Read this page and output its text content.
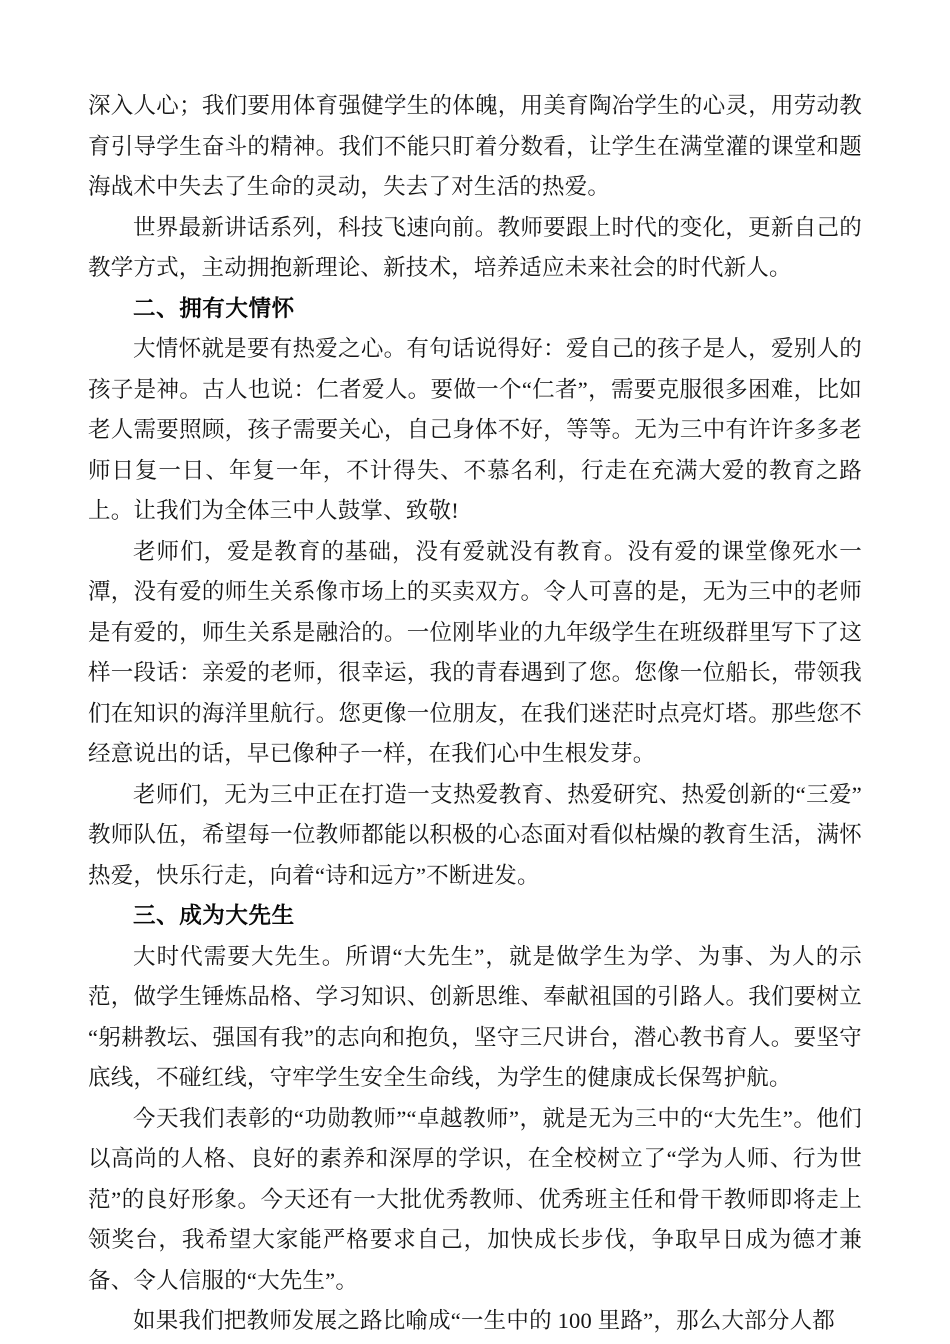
深入人心；我们要用体育强健学生的体魄，用美育陶冶学生的心灵，用劳动教育引导学生奋斗的精神。我们不能只盯着分数看，让学生在满堂灌的课堂和题海战术中失去了生命的灵动，失去了对生活的热爱。

世界最新讲话系列，科技飞速向前。教师要跟上时代的变化，更新自己的教学方式，主动拥抱新理论、新技术，培养适应未来社会的时代新人。

二、拥有大情怀

大情怀就是要有热爱之心。有句话说得好：爱自己的孩子是人，爱别人的孩子是神。古人也说：仁者爱人。要做一个“仁者”，需要克服很多困难，比如老人需要照顾，孩子需要关心，自己身体不好，等等。无为三中有许许多多老师日复一日、年复一年，不计得失、不慕名利，行走在充满大爱的教育之路上。让我们为全体三中人鼓掌、致敬!

老师们，爱是教育的基础，没有爱就没有教育。没有爱的课堂像死水一潭，没有爱的师生关系像市场上的买卖双方。令人可喜的是，无为三中的老师是有爱的，师生关系是融洽的。一位刚毕业的九年级学生在班级群里写下了这样一段话：亲爱的老师，很幸运，我的青春遇到了您。您像一位船长，带领我们在知识的海洋里航行。您更像一位朋友，在我们迷茫时点亮灯塔。那些您不经意说出的话，早已像种子一样，在我们心中生根发芽。

老师们，无为三中正在打造一支热爱教育、热爱研究、热爱创新的“三爱”教师队伍，希望每一位教师都能以积极的心态面对看似枯燥的教育生活，满怀热爱，快乐行走，向着“诗和远方”不断进发。

三、成为大先生

大时代需要大先生。所谓“大先生”，就是做学生为学、为事、为人的示范，做学生锤炼品格、学习知识、创新思维、奉献祖国的引路人。我们要树立“躬耕教坛、强国有我”的志向和抱负，坚守三尺讲台，潜心教书育人。要坚守底线，不碰红线，守牢学生安全生命线，为学生的健康成长保驾护航。

今天我们表彰的“功勋教师”“卓越教师”，就是无为三中的“大先生”。他们以高尚的人格、良好的素养和深厚的学识，在全校树立了“学为人师、行为世范”的良好形象。今天还有一大批优秀教师、优秀班主任和骨干教师即将走上领奖台，我希望大家能严格要求自己，加快成长步伐，争取早日成为德才兼备、令人信服的“大先生”。

如果我们把教师发展之路比喻成“一生中的 100 里路”，那么大部分人都
